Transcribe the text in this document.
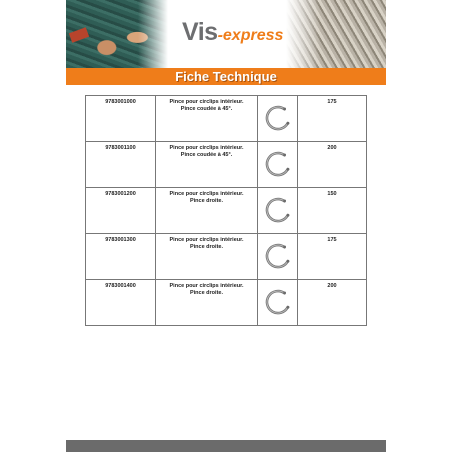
Vis-express
Fiche Technique
9783001000	Pince pour circlips intérieur.
Pince coudée à 45°.		175
9783001100	Pince pour circlips intérieur.
Pince coudée à 45°.		200
9783001200	Pince pour circlips intérieur.
Pince droite.		150
9783001300	Pince pour circlips intérieur.
Pince droite.		175
9783001400	Pince pour circlips intérieur.
Pince droite.		200
